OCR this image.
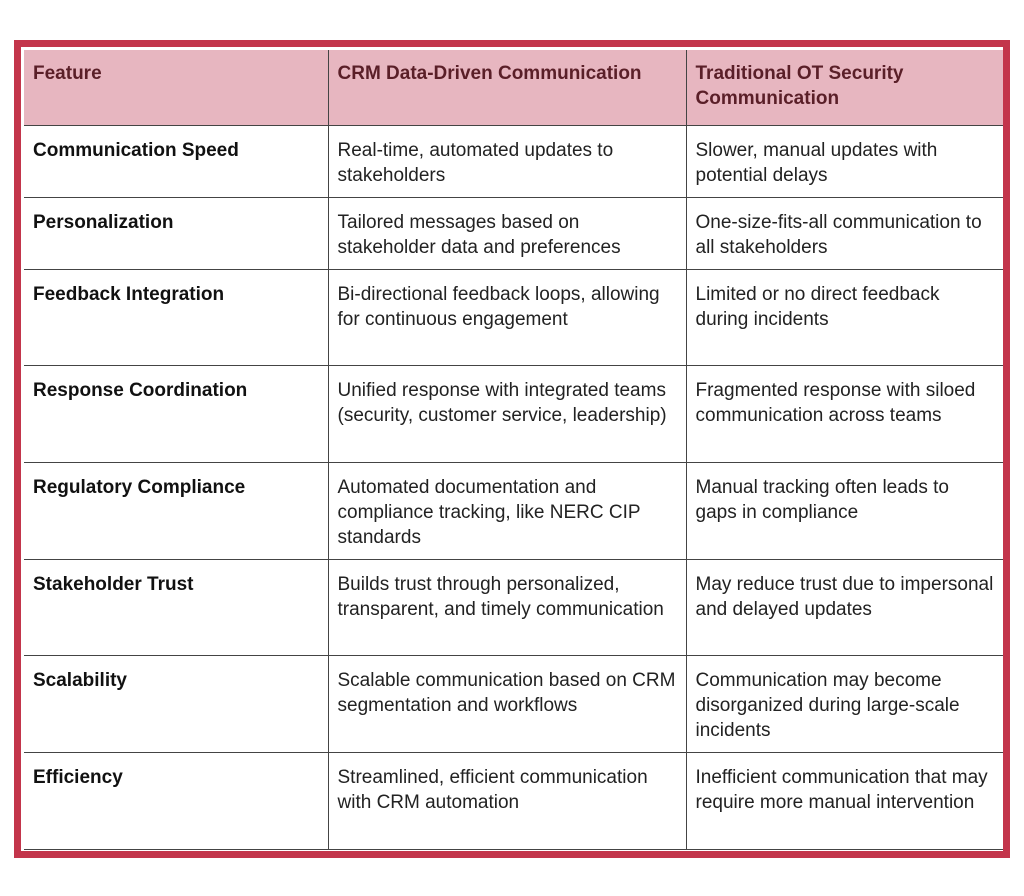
Feature	CRM Data-Driven Communication	Traditional OT Security Communication
Communication Speed	Real-time, automated updates to stakeholders	Slower, manual updates with potential delays
Personalization	Tailored messages based on stakeholder data and preferences	One-size-fits-all communication to all stakeholders
Feedback Integration	Bi-directional feedback loops, allowing for continuous engagement	Limited or no direct feedback during incidents
Response Coordination	Unified response with integrated teams (security, customer service, leadership)	Fragmented response with siloed communication across teams
Regulatory Compliance	Automated documentation and compliance tracking, like NERC CIP standards	Manual tracking often leads to gaps in compliance
Stakeholder Trust	Builds trust through personalized, transparent, and timely communication	May reduce trust due to impersonal and delayed updates
Scalability	Scalable communication based on CRM segmentation and workflows	Communication may become disorganized during large-scale incidents
Efficiency	Streamlined, efficient communication with CRM automation	Inefficient communication that may require more manual intervention
